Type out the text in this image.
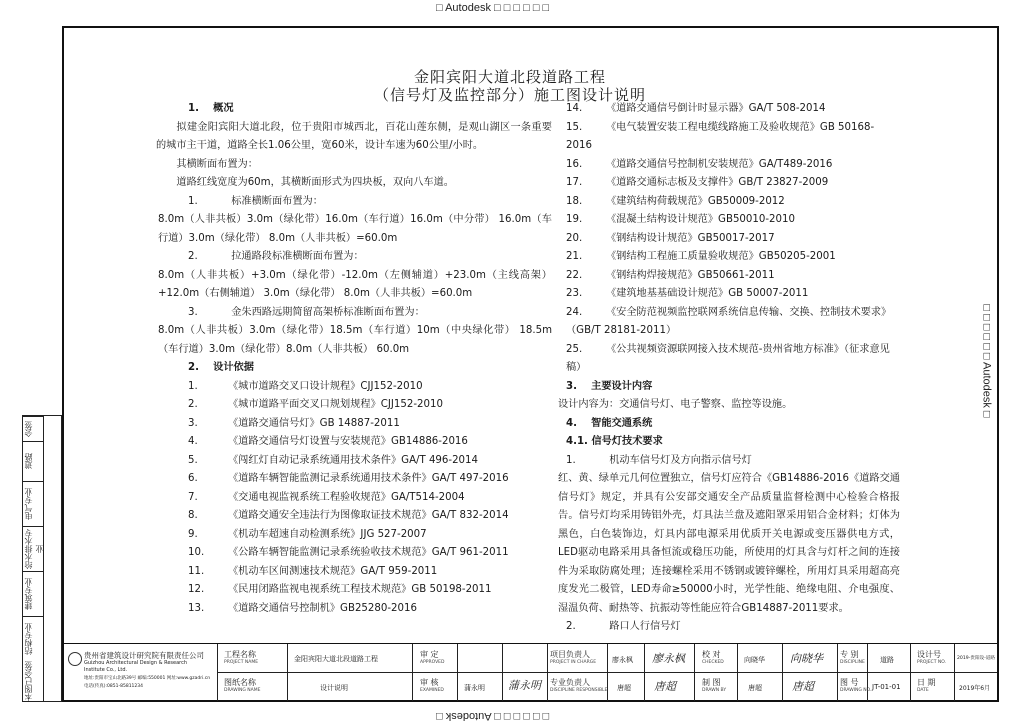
□ Autodesk □ □ □ □ □ □
□ □ □ □ □ □ Autodesk □
□ □ □ □ □ □ Autodesk □
金阳宾阳大道北段道路工程
（信号灯及监控部分）施工图设计说明
1. 概况
拟建金阳宾阳大道北段，位于贵阳市城西北，百花山莲东侧，是观山湖区一条重要的城市主干道，道路全长1.06公里，宽60米，设计车速为60公里/小时。
其横断面布置为：
道路红线宽度为60m，其横断面形式为四块板，双向八车道。
1.	标准横断面布置为：
8.0m（人非共板）3.0m（绿化带）16.0m（车行道）16.0m（中分带） 16.0m（车行道）3.0m（绿化带） 8.0m（人非共板）=60.0m
2.	拉通路段标准横断面布置为：
8.0m（人非共板）+3.0m（绿化带）-12.0m（左侧辅道）+23.0m（主线高架）+12.0m（右侧辅道） 3.0m（绿化带） 8.0m（人非共板）=60.0m
3.	金朱西路远期简留高架桥标准断面布置为：
8.0m（人非共板）3.0m（绿化带）18.5m（车行道）10m（中央绿化带） 18.5m（车行道）3.0m（绿化带）8.0m（人非共板） 60.0m
2. 设计依据
1.	《城市道路交叉口设计规程》CJJ152-2010
2.	《城市道路平面交叉口规划规程》CJJ152-2010
3.	《道路交通信号灯》GB 14887-2011
4.	《道路交通信号灯设置与安装规范》GB14886-2016
5.	《闯红灯自动记录系统通用技术条件》GA/T 496-2014
6.	《道路车辆智能监测记录系统通用技术条件》GA/T 497-2016
7.	《交通电视监视系统工程验收规范》GA/T514-2004
8.	《道路交通安全违法行为图像取证技术规范》GA/T 832-2014
9.	《机动车超速自动检测系统》JJG 527-2007
10. 《公路车辆智能监测记录系统验收技术规范》GA/T 961-2011
11. 《机动车区间测速技术规范》GA/T 959-2011
12. 《民用闭路监视电视系统工程技术规范》GB 50198-2011
13. 《道路交通信号控制机》GB25280-2016
14. 《道路交通信号倒计时显示器》GA/T 508-2014
15. 《电气装置安装工程电缆线路施工及验收规范》GB 50168-2016
16. 《道路交通信号控制机安装规范》GA/T489-2016
17. 《道路交通标志板及支撑件》GB/T 23827-2009
18. 《建筑结构荷载规范》GB50009-2012
19. 《混凝土结构设计规范》GB50010-2010
20. 《钢结构设计规范》GB50017-2017
21. 《钢结构工程施工质量验收规范》GB50205-2001
22. 《钢结构焊接规范》GB50661-2011
23. 《建筑地基基础设计规范》GB 50007-2011
24. 《安全防范视频监控联网系统信息传输、交换、控制技术要求》（GB/T 28181-2011）
25. 《公共视频资源联网接入技术规范-贵州省地方标准》（征求意见稿）
3. 主要设计内容
设计内容为：交通信号灯、电子警察、监控等设施。
4. 智能交通系统
4.1. 信号灯技术要求
1.	机动车信号灯及方向指示信号灯
红、黄、绿单元几何位置独立，信号灯应符合《GB14886-2016《道路交通信号灯》规定，并具有公安部交通安全产品质量监督检测中心检验合格报告。信号灯均采用铸铝外壳，灯具法兰盘及遮阳罩采用铝合金材料；灯体为黑色，白色装饰边，灯具内部电源采用优质开关电源或变压器供电方式，LED驱动电路采用具备恒流或稳压功能，所使用的灯具含与灯杆之间的连接件为采取防腐处理；连接螺栓采用不锈钢或镀锌螺栓，所用灯具采用超高亮度发光二极管，LED寿命≥50000小时，光学性能、绝缘电阻、介电强度、湿温负荷、耐热等、抗振动等性能应符合GB14887-2011要求。
2.	路口人行信号灯
会签
道路
电气专业
给水排水专业
建筑专业
结构专业
本图已会签
贵州省建筑设计研究院有限责任公司
Guizhou Architectural Design & Research
Institute Co., Ltd.
地址:贵阳市宝山北路39号 邮编:550001 网址:www.gzadri.cn
电话(传真):0851-85811234
工程名称
PROJECT NAME	金阳宾阳大道北段道路工程
图纸名称
DRAWING NAME	设计说明
审 定
APPROVED
审 核
EXAMINED	蒲永明 蒲永明
项目负责人
PROJECT IN CHARGE 廖永枫 廖永枫
专业负责人
DISCIPLINE RESPONSIBLE 唐超 唐超
校 对
CHECKED	向晓华 向晓华
制 图
DRAWN BY	唐超	唐超
专 别
DISCIPLINE 道路
图 号
DRAWING NO. JT-01-01
设计号
PROJECT NO.
2019-贵阳设-道路
日 期
DATE	2019年6月
